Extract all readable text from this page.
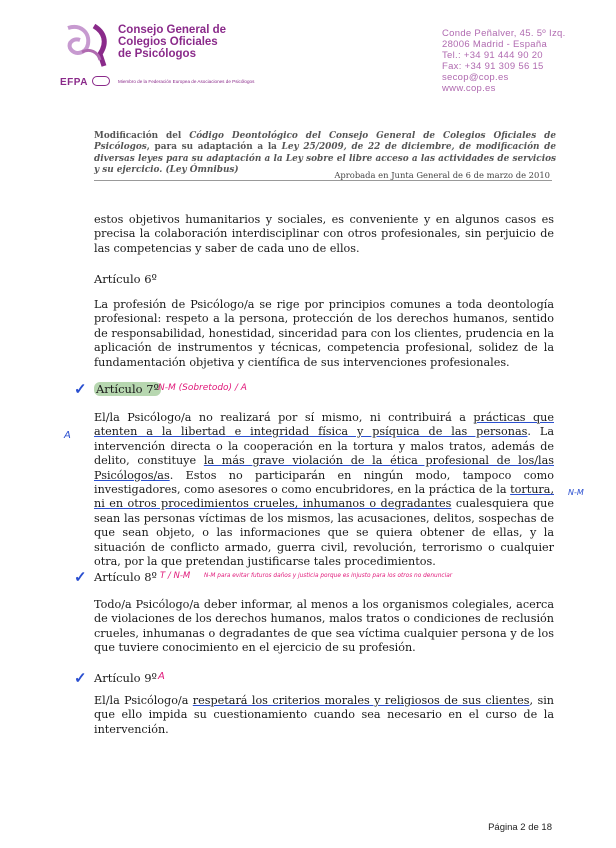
Consejo General de
Colegios Oficiales
de Psicólogos
EFPA	Miembro de la Federación Europea de Asociaciones de Psicólogos
Conde Peñalver, 45. 5º Izq.
28006 Madrid - España
Tel.: +34 91 444 90 20
Fax: +34 91 309 56 15
secop@cop.es
www.cop.es
Modificación del Código Deontológico del Consejo General de Colegios Oficiales de Psicólogos, para su adaptación a la Ley 25/2009, de 22 de diciembre, de modificación de diversas leyes para su adaptación a la Ley sobre el libre acceso a las actividades de servicios y su ejercicio. (Ley Ómnibus)	Aprobada en Junta General de 6 de marzo de 2010
estos objetivos humanitarios y sociales, es conveniente y en algunos casos es precisa la colaboración interdisciplinar con otros profesionales, sin perjuicio de las competencias y saber de cada uno de ellos.
Artículo 6º
La profesión de Psicólogo/a se rige por principios comunes a toda deontología profesional: respeto a la persona, protección de los derechos humanos, sentido de responsabilidad, honestidad, sinceridad para con los clientes, prudencia en la aplicación de instrumentos y técnicas, competencia profesional, solidez de la fundamentación objetiva y científica de sus intervenciones profesionales.
✓ Artículo 7º N-M (Sobretodo) / A
El/la Psicólogo/a no realizará por sí mismo, ni contribuirá a prácticas que atenten a la libertad e integridad física y psíquica de las personas. La intervención directa o la cooperación en la tortura y malos tratos, además de delito, constituye la más grave violación de la ética profesional de los/las Psicólogos/as. Estos no participarán en ningún modo, tampoco como investigadores, como asesores o como encubridores, en la práctica de la tortura, ni en otros procedimientos crueles, inhumanos o degradantes cualesquiera que sean las personas víctimas de los mismos, las acusaciones, delitos, sospechas de que sean objeto, o las informaciones que se quiera obtener de ellas, y la situación de conflicto armado, guerra civil, revolución, terrorismo o cualquier otra, por la que pretendan justificarse tales procedimientos.
A
N-M
✓ Artículo 8º T / N-M N-M para evitar futuros daños y justicia porque es injusto para los otros no denunciar
Todo/a Psicólogo/a deber informar, al menos a los organismos colegiales, acerca de violaciones de los derechos humanos, malos tratos o condiciones de reclusión crueles, inhumanas o degradantes de que sea víctima cualquier persona y de los que tuviere conocimiento en el ejercicio de su profesión.
✓ Artículo 9º A
El/la Psicólogo/a respetará los criterios morales y religiosos de sus clientes, sin que ello impida su cuestionamiento cuando sea necesario en el curso de la intervención.
Página 2 de 18
